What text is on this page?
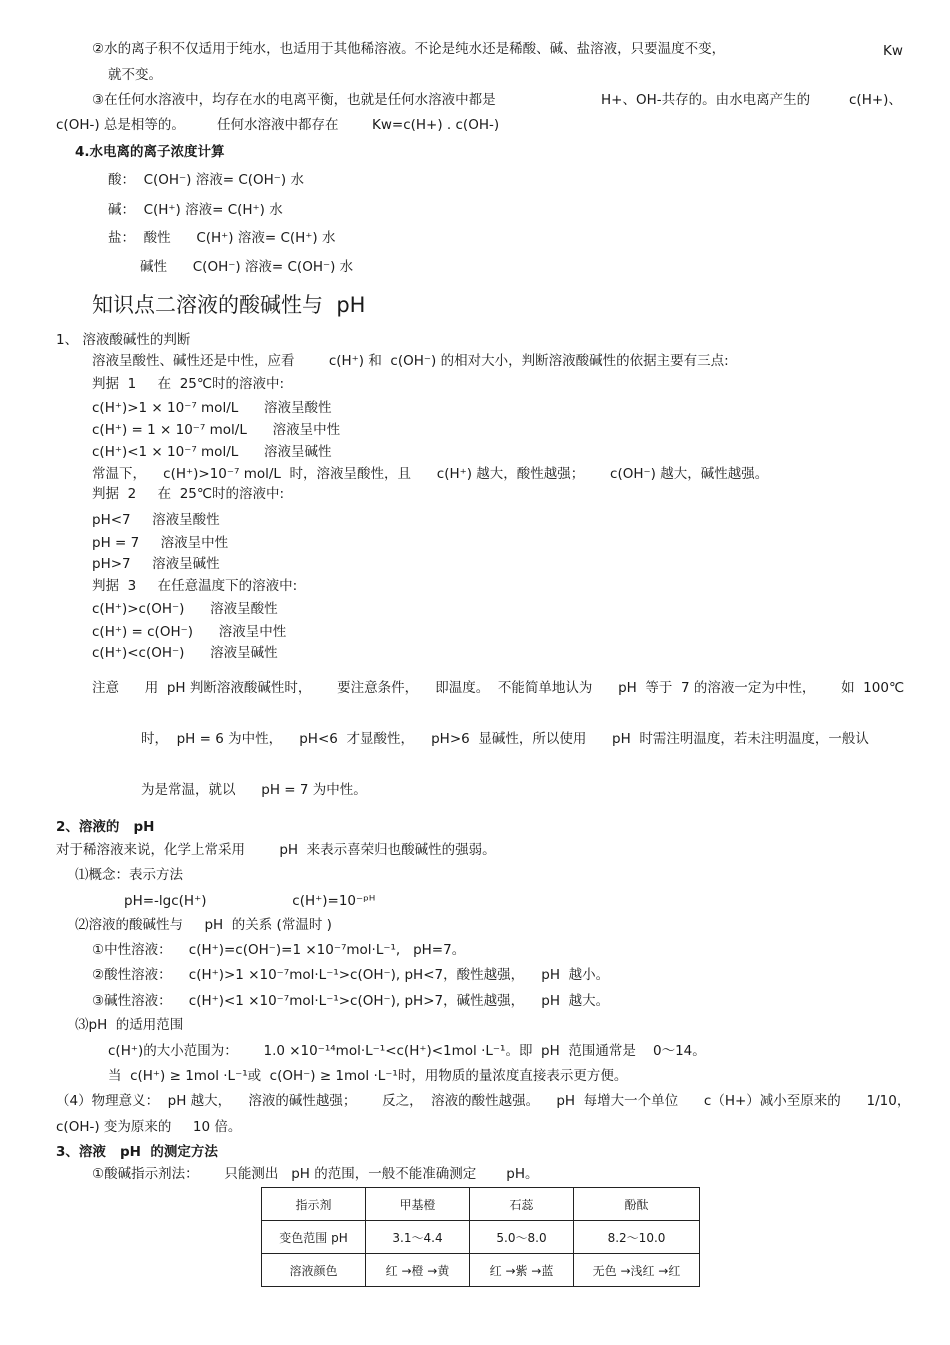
②水的离子积不仅适用于纯水，也适用于其他稀溶液。不论是纯水还是稀酸、碱、盐溶液，只要温度不变，	Kw
就不变。
③在任何水溶液中，均存在水的电离平衡，也就是任何水溶液中都是	H+、OH-共存的。由水电离产生的	c(H+)、
c(OH-) 总是相等的。 任何水溶液中都存在 Kw=c(H+) . c(OH-)
4.水电离的离子浓度计算
酸：  C(OH⁻) 溶液= C(OH⁻) 水
碱：  C(H⁺) 溶液= C(H⁺) 水
盐：  酸性      C(H⁺) 溶液= C(H⁺) 水
碱性      C(OH⁻) 溶液= C(OH⁻) 水
知识点二溶液的酸碱性与  pH
1、 溶液酸碱性的判断
溶液呈酸性、碱性还是中性，应看        c(H⁺) 和  c(OH⁻) 的相对大小，判断溶液酸碱性的依据主要有三点:
判据  1     在  25℃时的溶液中:
c(H⁺)>1 × 10⁻⁷ mol/L      溶液呈酸性
c(H⁺) = 1 × 10⁻⁷ mol/L      溶液呈中性
c(H⁺)<1 × 10⁻⁷ mol/L      溶液呈碱性
常温下，    c(H⁺)>10⁻⁷ mol/L  时，溶液呈酸性，且      c(H⁺) 越大，酸性越强；      c(OH⁻) 越大，碱性越强。
判据  2     在  25℃时的溶液中:
pH<7     溶液呈酸性
pH = 7     溶液呈中性
pH>7     溶液呈碱性
判据  3     在任意温度下的溶液中:
c(H⁺)>c(OH⁻)      溶液呈酸性
c(H⁺) = c(OH⁻)      溶液呈中性
c(H⁺)<c(OH⁻)      溶液呈碱性
注意      用  pH 判断溶液酸碱性时，      要注意条件，    即温度。  不能简单地认为      pH  等于  7 的溶液一定为中性，      如  100℃
时，  pH = 6 为中性，    pH<6  才显酸性，    pH>6  显碱性，所以使用      pH  时需注明温度，若未注明温度，一般认
为是常温，就以      pH = 7 为中性。
2、溶液的   pH
对于稀溶液来说，化学上常采用        pH  来表示喜荣归也酸碱性的强弱。
⑴概念：表示方法
pH=-lgc(H⁺)                    c(H⁺)=10⁻ᵖᴴ
⑵溶液的酸碱性与     pH  的关系 (常温时 )
①中性溶液：    c(H⁺)=c(OH⁻)=1 ×10⁻⁷mol·L⁻¹,   pH=7。
②酸性溶液：    c(H⁺)>1 ×10⁻⁷mol·L⁻¹>c(OH⁻), pH<7，酸性越强，    pH  越小。
③碱性溶液：    c(H⁺)<1 ×10⁻⁷mol·L⁻¹>c(OH⁻), pH>7，碱性越强，    pH  越大。
⑶pH  的适用范围
c(H⁺)的大小范围为：      1.0 ×10⁻¹⁴mol·L⁻¹<c(H⁺)<1mol ·L⁻¹。即  pH  范围通常是    0～14。
当  c(H⁺) ≥ 1mol ·L⁻¹或  c(OH⁻) ≥ 1mol ·L⁻¹时，用物质的量浓度直接表示更方便。
（4）物理意义：  pH 越大，    溶液的碱性越强；      反之，  溶液的酸性越强。    pH  每增大一个单位      c（H+）减小至原来的      1/10，
c(OH-) 变为原来的     10 倍。
3、溶液   pH  的测定方法
①酸碱指示剂法：      只能测出   pH 的范围，一般不能准确测定       pH。
指示剂	甲基橙	石蕊	酚酞
变色范围 pH	3.1～4.4	5.0～8.0	8.2～10.0
溶液颜色	红 →橙 →黄	红 →紫 →蓝	无色 →浅红 →红
